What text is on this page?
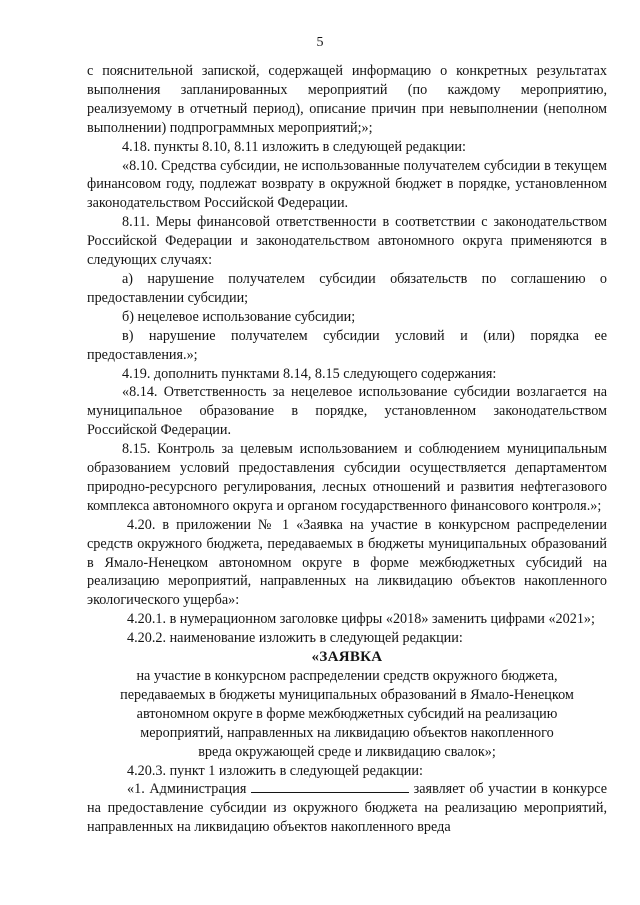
5

с пояснительной запиской, содержащей информацию о конкретных результатах выполнения запланированных мероприятий (по каждому мероприятию, реализуемому в отчетный период), описание причин при невыполнении (неполном выполнении) подпрограммных мероприятий;»;

4.18. пункты 8.10, 8.11 изложить в следующей редакции:

«8.10. Средства субсидии, не использованные получателем субсидии в текущем финансовом году, подлежат возврату в окружной бюджет в порядке, установленном законодательством Российской Федерации.

8.11. Меры финансовой ответственности в соответствии с законодательством Российской Федерации и законодательством автономного округа применяются в следующих случаях:

а) нарушение получателем субсидии обязательств по соглашению о предоставлении субсидии;

б) нецелевое использование субсидии;

в) нарушение получателем субсидии условий и (или) порядка ее предоставления.»;

4.19. дополнить пунктами 8.14, 8.15 следующего содержания:

«8.14. Ответственность за нецелевое использование субсидии возлагается на муниципальное образование в порядке, установленном законодательством Российской Федерации.

8.15. Контроль за целевым использованием и соблюдением муниципальным образованием условий предоставления субсидии осуществляется департаментом природно-ресурсного регулирования, лесных отношений и развития нефтегазового комплекса автономного округа и органом государственного финансового контроля.»;

4.20. в приложении № 1 «Заявка на участие в конкурсном распределении средств окружного бюджета, передаваемых в бюджеты муниципальных образований в Ямало-Ненецком автономном округе в форме межбюджетных субсидий на реализацию мероприятий, направленных на ликвидацию объектов накопленного экологического ущерба»:

4.20.1. в нумерационном заголовке цифры «2018» заменить цифрами «2021»;

4.20.2. наименование изложить в следующей редакции:

«ЗАЯВКА

на участие в конкурсном распределении средств окружного бюджета,

передаваемых в бюджеты муниципальных образований в Ямало-Ненецком

автономном округе в форме межбюджетных субсидий на реализацию

мероприятий, направленных на ликвидацию объектов накопленного

вреда окружающей среде и ликвидацию свалок»;

4.20.3. пункт 1 изложить в следующей редакции:

«1. Администрация	заявляет об участии в конкурсе на предоставление субсидии из окружного бюджета на реализацию мероприятий, направленных на ликвидацию объектов накопленного вреда
